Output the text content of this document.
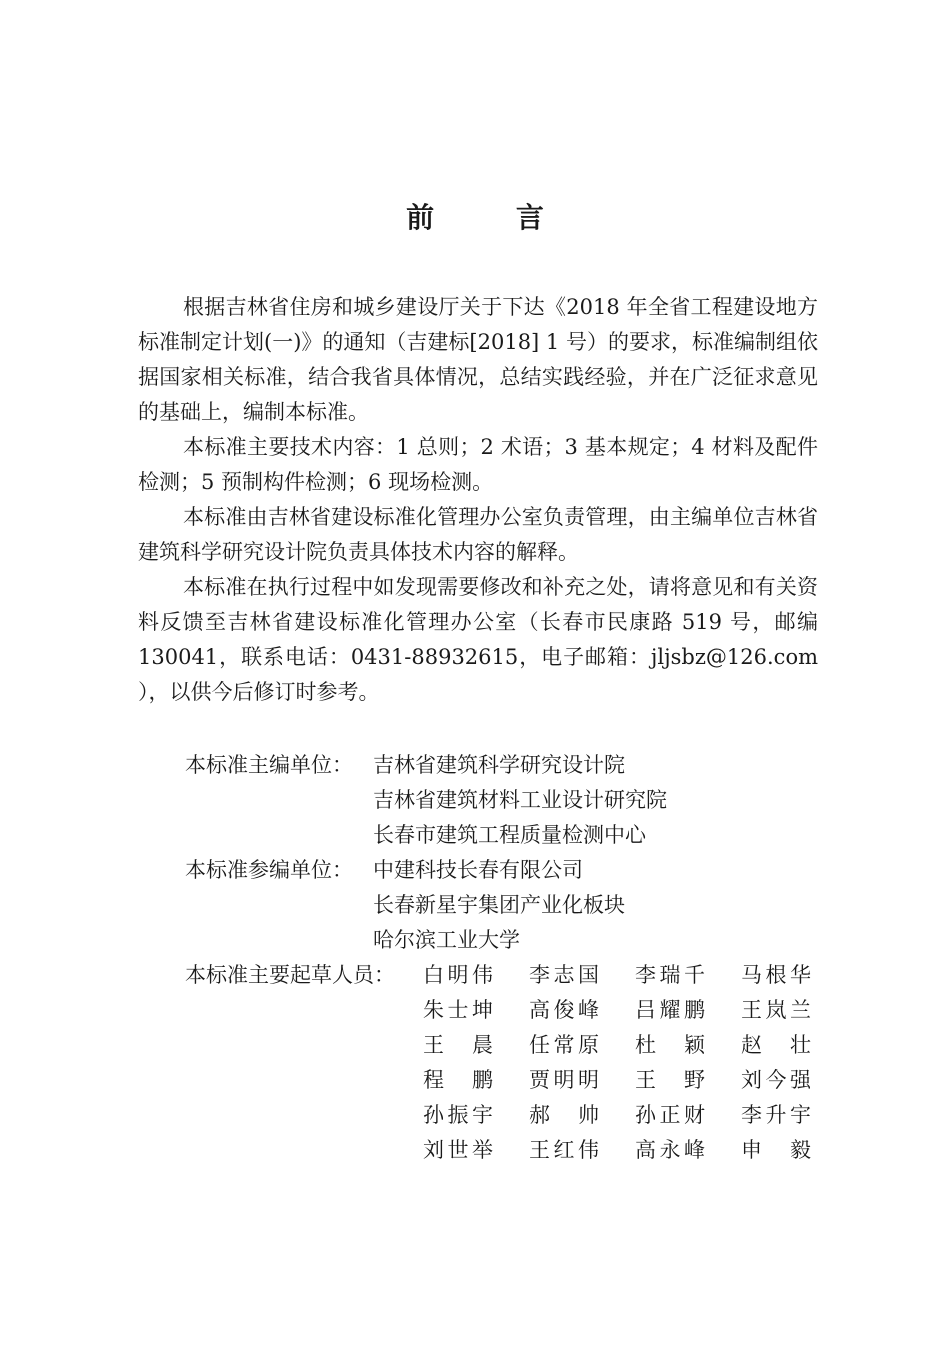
前 言

根据吉林省住房和城乡建设厅关于下达《2018 年全省工程建设地方标准制定计划(一)》的通知（吉建标[2018] 1 号）的要求，标准编制组依据国家相关标准，结合我省具体情况，总结实践经验，并在广泛征求意见的基础上，编制本标准。

本标准主要技术内容：1 总则；2 术语；3 基本规定；4 材料及配件检测；5 预制构件检测；6 现场检测。

本标准由吉林省建设标准化管理办公室负责管理，由主编单位吉林省建筑科学研究设计院负责具体技术内容的解释。

本标准在执行过程中如发现需要修改和补充之处，请将意见和有关资料反馈至吉林省建设标准化管理办公室（长春市民康路 519 号，邮编 130041，联系电话：0431-88932615，电子邮箱：jljsbz@126.com ），以供今后修订时参考。

本标准主编单位： 吉林省建筑科学研究设计院
吉林省建筑材料工业设计研究院
长春市建筑工程质量检测中心
本标准参编单位： 中建科技长春有限公司
长春新星宇集团产业化板块
哈尔滨工业大学
本标准主要起草人员：	白明伟 李志国 李瑞千 马根华
朱士坤 高俊峰 吕耀鹏 王岚兰
王晨 任常原 杜颖 赵壮
程鹏 贾明明 王野 刘今强
孙振宇 郝帅 孙正财 李升宇
刘世举 王红伟 高永峰 申毅
